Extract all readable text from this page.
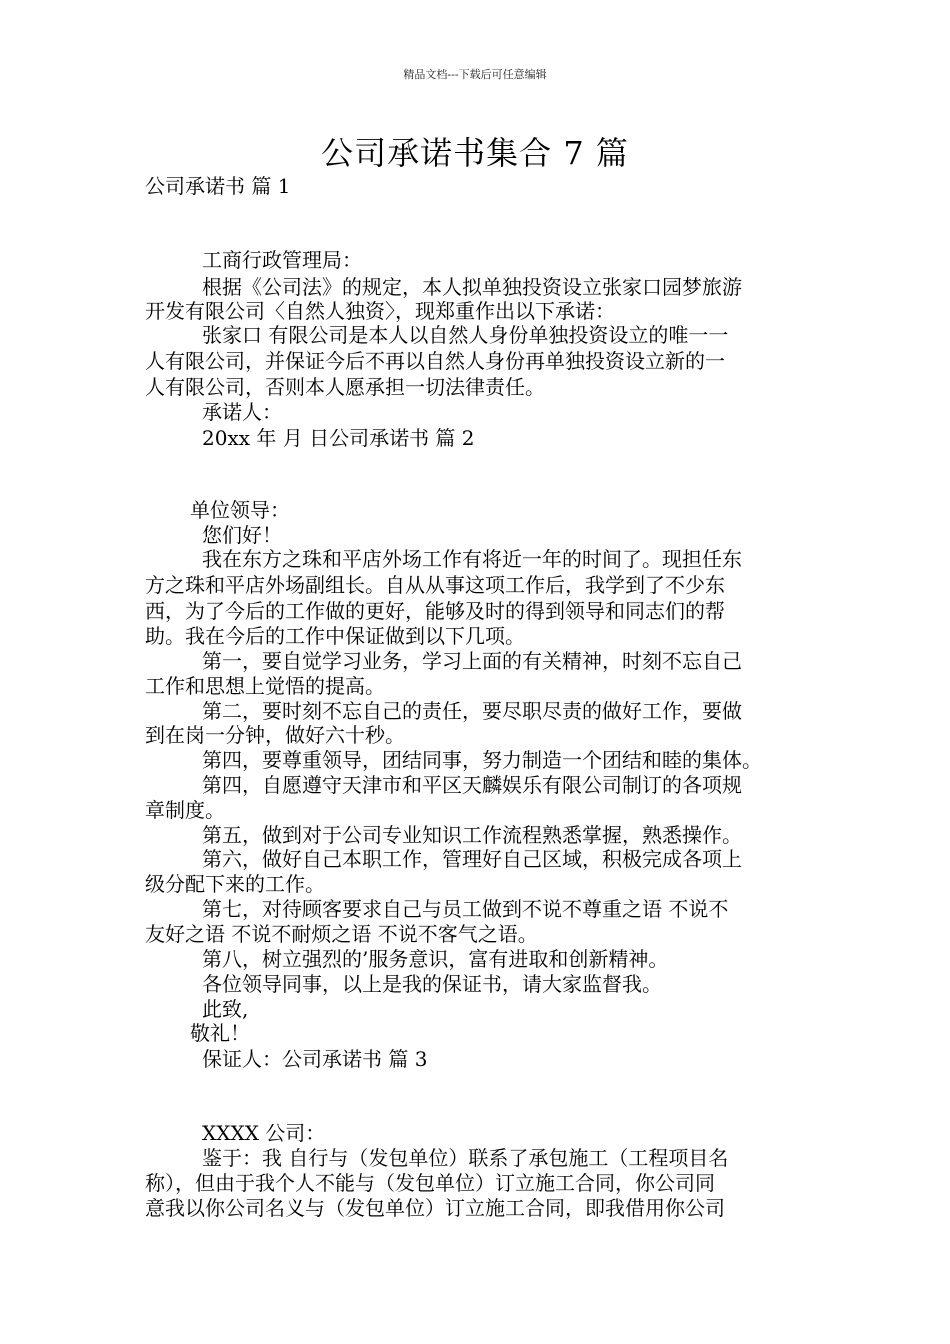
精品文档---下载后可任意编辑
公司承诺书集合 7 篇
公司承诺书 篇 1
工商行政管理局：
根据《公司法》的规定，本人拟单独投资设立张家口园梦旅游
开发有限公司〈自然人独资〉，现郑重作出以下承诺：
张家口 有限公司是本人以自然人身份单独投资设立的唯一一
人有限公司，并保证今后不再以自然人身份再单独投资设立新的一
人有限公司，否则本人愿承担一切法律责任。
承诺人：
20xx 年 月 日公司承诺书 篇 2
单位领导：
您们好！
我在东方之珠和平店外场工作有将近一年的时间了。现担任东
方之珠和平店外场副组长。自从从事这项工作后，我学到了不少东
西，为了今后的工作做的更好，能够及时的得到领导和同志们的帮
助。我在今后的工作中保证做到以下几项。
第一，要自觉学习业务，学习上面的有关精神，时刻不忘自己
工作和思想上觉悟的提高。
第二，要时刻不忘自己的责任，要尽职尽责的做好工作，要做
到在岗一分钟，做好六十秒。
第四，要尊重领导，团结同事，努力制造一个团结和睦的集体。
第四，自愿遵守天津市和平区天麟娱乐有限公司制订的各项规
章制度。
第五，做到对于公司专业知识工作流程熟悉掌握，熟悉操作。
第六，做好自己本职工作，管理好自己区域，积极完成各项上
级分配下来的工作。
第七，对待顾客要求自己与员工做到不说不尊重之语 不说不
友好之语 不说不耐烦之语 不说不客气之语。
第八，树立强烈的’服务意识，富有进取和创新精神。
各位领导同事，以上是我的保证书，请大家监督我。
此致,
敬礼！
保证人：公司承诺书 篇 3
XXXX 公司：
鉴于：我 自行与（发包单位）联系了承包施工（工程项目名
称），但由于我个人不能与（发包单位）订立施工合同，你公司同
意我以你公司名义与（发包单位）订立施工合同，即我借用你公司
